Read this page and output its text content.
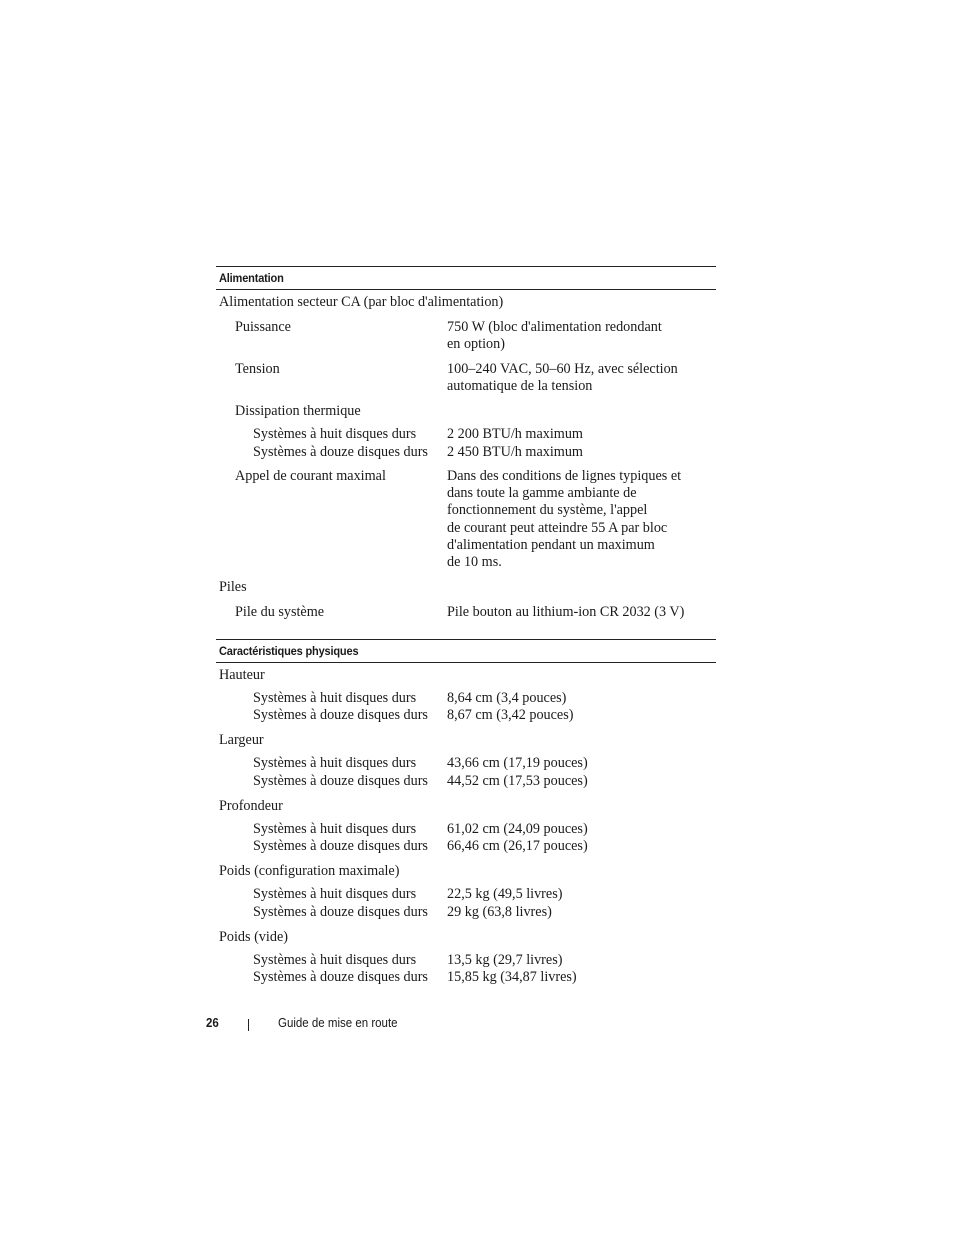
Alimentation
Alimentation secteur CA (par bloc d'alimentation)
Puissance	750 W (bloc d'alimentation redondant
en option)
Tension	100–240 VAC, 50–60 Hz, avec sélection
automatique de la tension
Dissipation thermique
Systèmes à huit disques durs 2 200 BTU/h maximum
Systèmes à douze disques durs 2 450 BTU/h maximum
Appel de courant maximal	Dans des conditions de lignes typiques et
dans toute la gamme ambiante de
fonctionnement du système, l'appel
de courant peut atteindre 55 A par bloc
d'alimentation pendant un maximum
de 10 ms.
Piles
Pile du système	Pile bouton au lithium-ion CR 2032 (3 V)
Caractéristiques physiques
Hauteur
Systèmes à huit disques durs 8,64 cm (3,4 pouces)
Systèmes à douze disques durs 8,67 cm (3,42 pouces)
Largeur
Systèmes à huit disques durs 43,66 cm (17,19 pouces)
Systèmes à douze disques durs 44,52 cm (17,53 pouces)
Profondeur
Systèmes à huit disques durs 61,02 cm (24,09 pouces)
Systèmes à douze disques durs 66,46 cm (26,17 pouces)
Poids (configuration maximale)
Systèmes à huit disques durs 22,5 kg (49,5 livres)
Systèmes à douze disques durs 29 kg (63,8 livres)
Poids (vide)
Systèmes à huit disques durs 13,5 kg (29,7 livres)
Systèmes à douze disques durs 15,85 kg (34,87 livres)
26	Guide de mise en route
